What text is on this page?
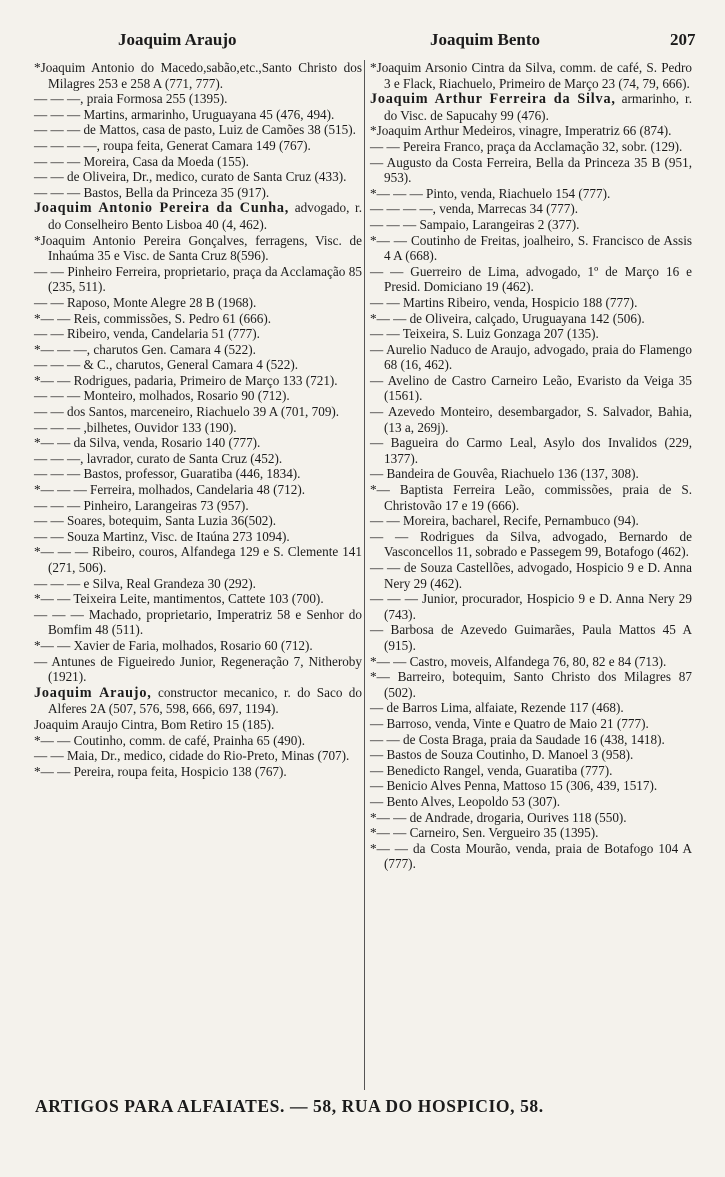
Joaquim Araujo	Joaquim Bento	207

*Joaquim Antonio do Macedo,sabão,etc.,Santo Christo dos Milagres 253 e 258 A (771, 777).

— — —, praia Formosa 255 (1395).

— — — Martins, armarinho, Uruguayana 45 (476, 494).

— — — de Mattos, casa de pasto, Luiz de Camões 38 (515).

— — — —, roupa feita, Generat Camara 149 (767).

— — — Moreira, Casa da Moeda (155).

— — de Oliveira, Dr., medico, curato de Santa Cruz (433).

— — — Bastos, Bella da Princeza 35 (917).

Joaquim Antonio Pereira da Cunha, advogado, r. do Conselheiro Bento Lisboa 40 (4, 462).

*Joaquim Antonio Pereira Gonçalves, ferragens, Visc. de Inhaúma 35 e Visc. de Santa Cruz 8(596).

— — Pinheiro Ferreira, proprietario, praça da Acclamação 85 (235, 511).

— — Raposo, Monte Alegre 28 B (1968).

*— — Reis, commissões, S. Pedro 61 (666).

— — Ribeiro, venda, Candelaria 51 (777).

*— — —, charutos Gen. Camara 4 (522).

— — — & C., charutos, General Camara 4 (522).

*— — Rodrigues, padaria, Primeiro de Março 133 (721).

— — — Monteiro, molhados, Rosario 90 (712).

— — dos Santos, marceneiro, Riachuelo 39 A (701, 709).

— — — ,bilhetes, Ouvidor 133 (190).

*— — da Silva, venda, Rosario 140 (777).

— — —, lavrador, curato de Santa Cruz (452).

— — — Bastos, professor, Guaratiba (446, 1834).

*— — — Ferreira, molhados, Candelaria 48 (712).

— — — Pinheiro, Larangeiras 73 (957).

— — Soares, botequim, Santa Luzia 36(502).

— — Souza Martinz, Visc. de Itaúna 273 1094).

*— — — Ribeiro, couros, Alfandega 129 e S. Clemente 141 (271, 506).

— — — e Silva, Real Grandeza 30 (292).

*— — Teixeira Leite, mantimentos, Cattete 103 (700).

— — — Machado, proprietario, Imperatriz 58 e Senhor do Bomfim 48 (511).

*— — Xavier de Faria, molhados, Rosario 60 (712).

— Antunes de Figueiredo Junior, Regeneração 7, Nitheroby (1921).

Joaquim Araujo, constructor mecanico, r. do Saco do Alferes 2A (507, 576, 598, 666, 697, 1194).

Joaquim Araujo Cintra, Bom Retiro 15 (185).

*— — Coutinho, comm. de café, Prainha 65 (490).

— — Maia, Dr., medico, cidade do Rio-Preto, Minas (707).

*— — Pereira, roupa feita, Hospicio 138 (767).

*Joaquim Arsonio Cintra da Silva, comm. de café, S. Pedro 3 e Flack, Riachuelo, Primeiro de Março 23 (74, 79, 666).

Joaquim Arthur Ferreira da Silva, armarinho, r. do Visc. de Sapucahy 99 (476).

*Joaquim Arthur Medeiros, vinagre, Imperatriz 66 (874).

— — Pereira Franco, praça da Acclamação 32, sobr. (129).

— Augusto da Costa Ferreira, Bella da Princeza 35 B (951, 953).

*— — — Pinto, venda, Riachuelo 154 (777).

— — — —, venda, Marrecas 34 (777).

— — — Sampaio, Larangeiras 2 (377).

*— — Coutinho de Freitas, joalheiro, S. Francisco de Assis 4 A (668).

— — Guerreiro de Lima, advogado, 1º de Março 16 e Presid. Domiciano 19 (462).

— — Martins Ribeiro, venda, Hospicio 188 (777).

*— — de Oliveira, calçado, Uruguayana 142 (506).

— — Teixeira, S. Luiz Gonzaga 207 (135).

— Aurelio Naduco de Araujo, advogado, praia do Flamengo 68 (16, 462).

— Avelino de Castro Carneiro Leão, Evaristo da Veiga 35 (1561).

— Azevedo Monteiro, desembargador, S. Salvador, Bahia, (13 a, 269j).

— Bagueira do Carmo Leal, Asylo dos Invalidos (229, 1377).

— Bandeira de Gouvêa, Riachuelo 136 (137, 308).

*— Baptista Ferreira Leão, commissões, praia de S. Christovão 17 e 19 (666).

— — Moreira, bacharel, Recife, Pernambuco (94).

— — Rodrigues da Silva, advogado, Bernardo de Vasconcellos 11, sobrado e Passegem 99, Botafogo (462).

— — de Souza Castellões, advogado, Hospicio 9 e D. Anna Nery 29 (462).

— — — Junior, procurador, Hospicio 9 e D. Anna Nery 29 (743).

— Barbosa de Azevedo Guimarães, Paula Mattos 45 A (915).

*— — Castro, moveis, Alfandega 76, 80, 82 e 84 (713).

*— Barreiro, botequim, Santo Christo dos Milagres 87 (502).

— de Barros Lima, alfaiate, Rezende 117 (468).

— Barroso, venda, Vinte e Quatro de Maio 21 (777).

— — de Costa Braga, praia da Saudade 16 (438, 1418).

— Bastos de Souza Coutinho, D. Manoel 3 (958).

— Benedicto Rangel, venda, Guaratiba (777).

— Benicio Alves Penna, Mattoso 15 (306, 439, 1517).

— Bento Alves, Leopoldo 53 (307).

*— — de Andrade, drogaria, Ourives 118 (550).

*— — Carneiro, Sen. Vergueiro 35 (1395).

*— — da Costa Mourão, venda, praia de Botafogo 104 A (777).

ARTIGOS PARA ALFAIATES. — 58, RUA DO HOSPICIO, 58.
